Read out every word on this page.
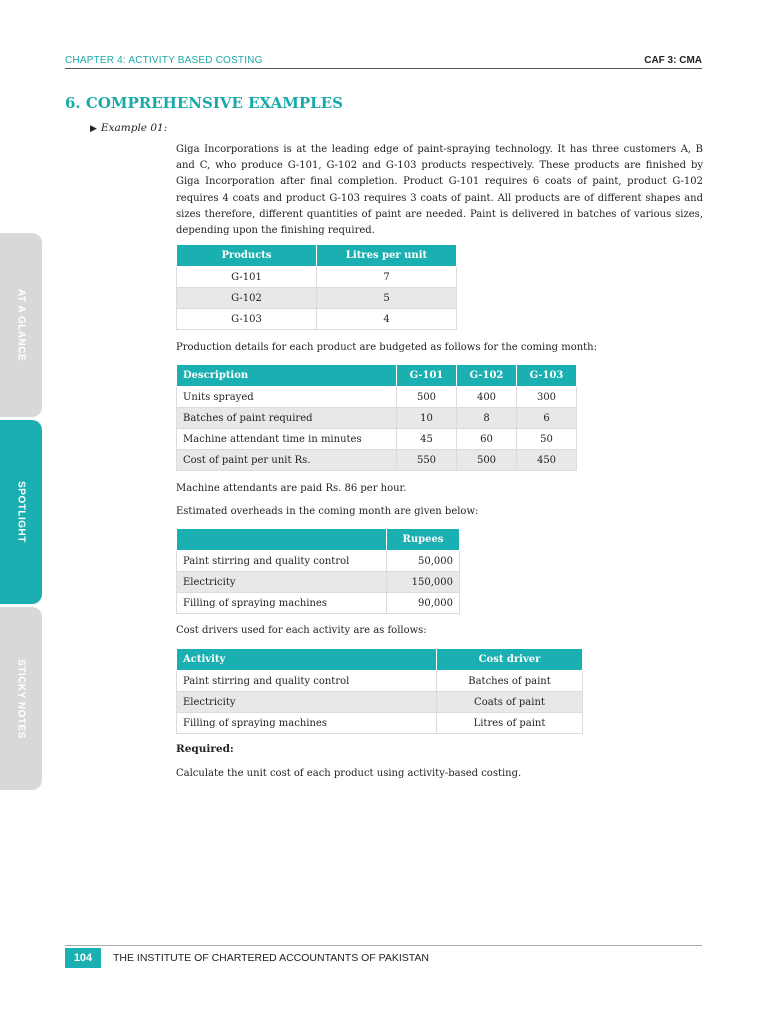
CHAPTER 4: ACTIVITY BASED COSTING	CAF 3: CMA
6. COMPREHENSIVE EXAMPLES
▶ Example 01:
Giga Incorporations is at the leading edge of paint-spraying technology. It has three customers A, B and C, who produce G-101, G-102 and G-103 products respectively. These products are finished by Giga Incorporation after final completion. Product G-101 requires 6 coats of paint, product G-102 requires 4 coats and product G-103 requires 3 coats of paint. All products are of different shapes and sizes therefore, different quantities of paint are needed. Paint is delivered in batches of various sizes, depending upon the finishing required.
Products	Litres per unit
G-101	7
G-102	5
G-103	4
Production details for each product are budgeted as follows for the coming month:
Description	G-101	G-102	G-103
Units sprayed	500	400	300
Batches of paint required	10	8	6
Machine attendant time in minutes	45	60	50
Cost of paint per unit Rs.	550	500	450
Machine attendants are paid Rs. 86 per hour.
Estimated overheads in the coming month are given below:
	Rupees
Paint stirring and quality control	50,000
Electricity	150,000
Filling of spraying machines	90,000
Cost drivers used for each activity are as follows:
Activity	Cost driver
Paint stirring and quality control	Batches of paint
Electricity	Coats of paint
Filling of spraying machines	Litres of paint
Required:
Calculate the unit cost of each product using activity-based costing.
AT A GLANCE
SPOTLIGHT
STICKY NOTES
104	THE INSTITUTE OF CHARTERED ACCOUNTANTS OF PAKISTAN
